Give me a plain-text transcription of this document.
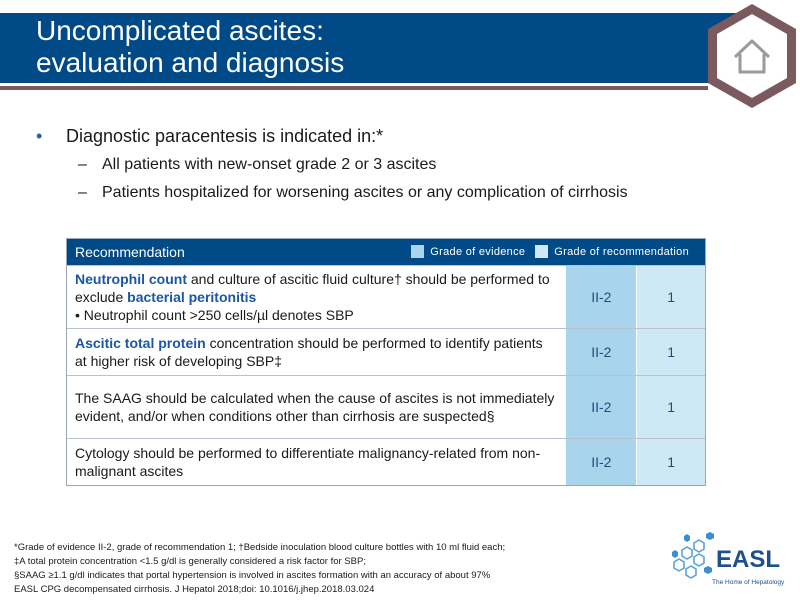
Uncomplicated ascites:
evaluation and diagnosis
• Diagnostic paracentesis is indicated in:*
– All patients with new-onset grade 2 or 3 ascites
– Patients hospitalized for worsening ascites or any complication of cirrhosis
Recommendation	Grade of evidence	Grade of recommendation
Neutrophil count and culture of ascitic fluid culture† should be performed to exclude bacterial peritonitis
• Neutrophil count >250 cells/µl denotes SBP
II-2	1
Ascitic total protein concentration should be performed to identify patients at higher risk of developing SBP‡
II-2	1
The SAAG should be calculated when the cause of ascites is not immediately evident, and/or when conditions other than cirrhosis are suspected§
II-2	1
Cytology should be performed to differentiate malignancy-related from non-malignant ascites
II-2	1
*Grade of evidence II-2, grade of recommendation 1; †Bedside inoculation blood culture bottles with 10 ml fluid each;
‡A total protein concentration <1.5 g/dl is generally considered a risk factor for SBP;
§SAAG ≥1.1 g/dl indicates that portal hypertension is involved in ascites formation with an accuracy of about 97%
EASL CPG decompensated cirrhosis. J Hepatol 2018;doi: 10.1016/j.jhep.2018.03.024
EASL
The Home of Hepatology
